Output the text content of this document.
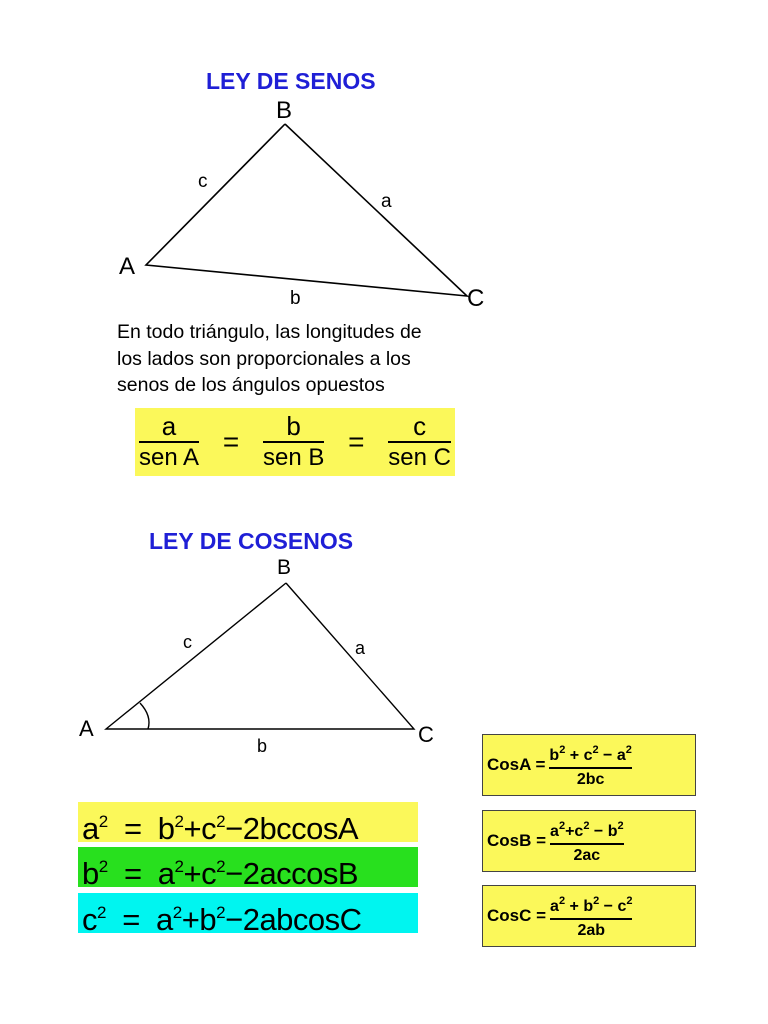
LEY DE SENOS
B
A
C
c
a
b
En todo triángulo, las longitudes de
los lados son proporcionales a los
senos de los ángulos opuestos
$\frac{a}{\text{sen A}} = \frac{b}{\text{sen B}} = \frac{c}{\text{sen C}}$
LEY DE COSENOS
B
A	C
c	a
b
$a^2 = b^2+c^2-2bccosA$
$b^2 = a^2+c^2-2accosB$
$c^2 = a^2+b^2-2abcosC$
CosA = $b^2 + c^2 - a^2$
2bc
CosB = $a^2+c^2 - b^2$
2ac
CosC = $a^2 + b^2 - c^2$
2ab
